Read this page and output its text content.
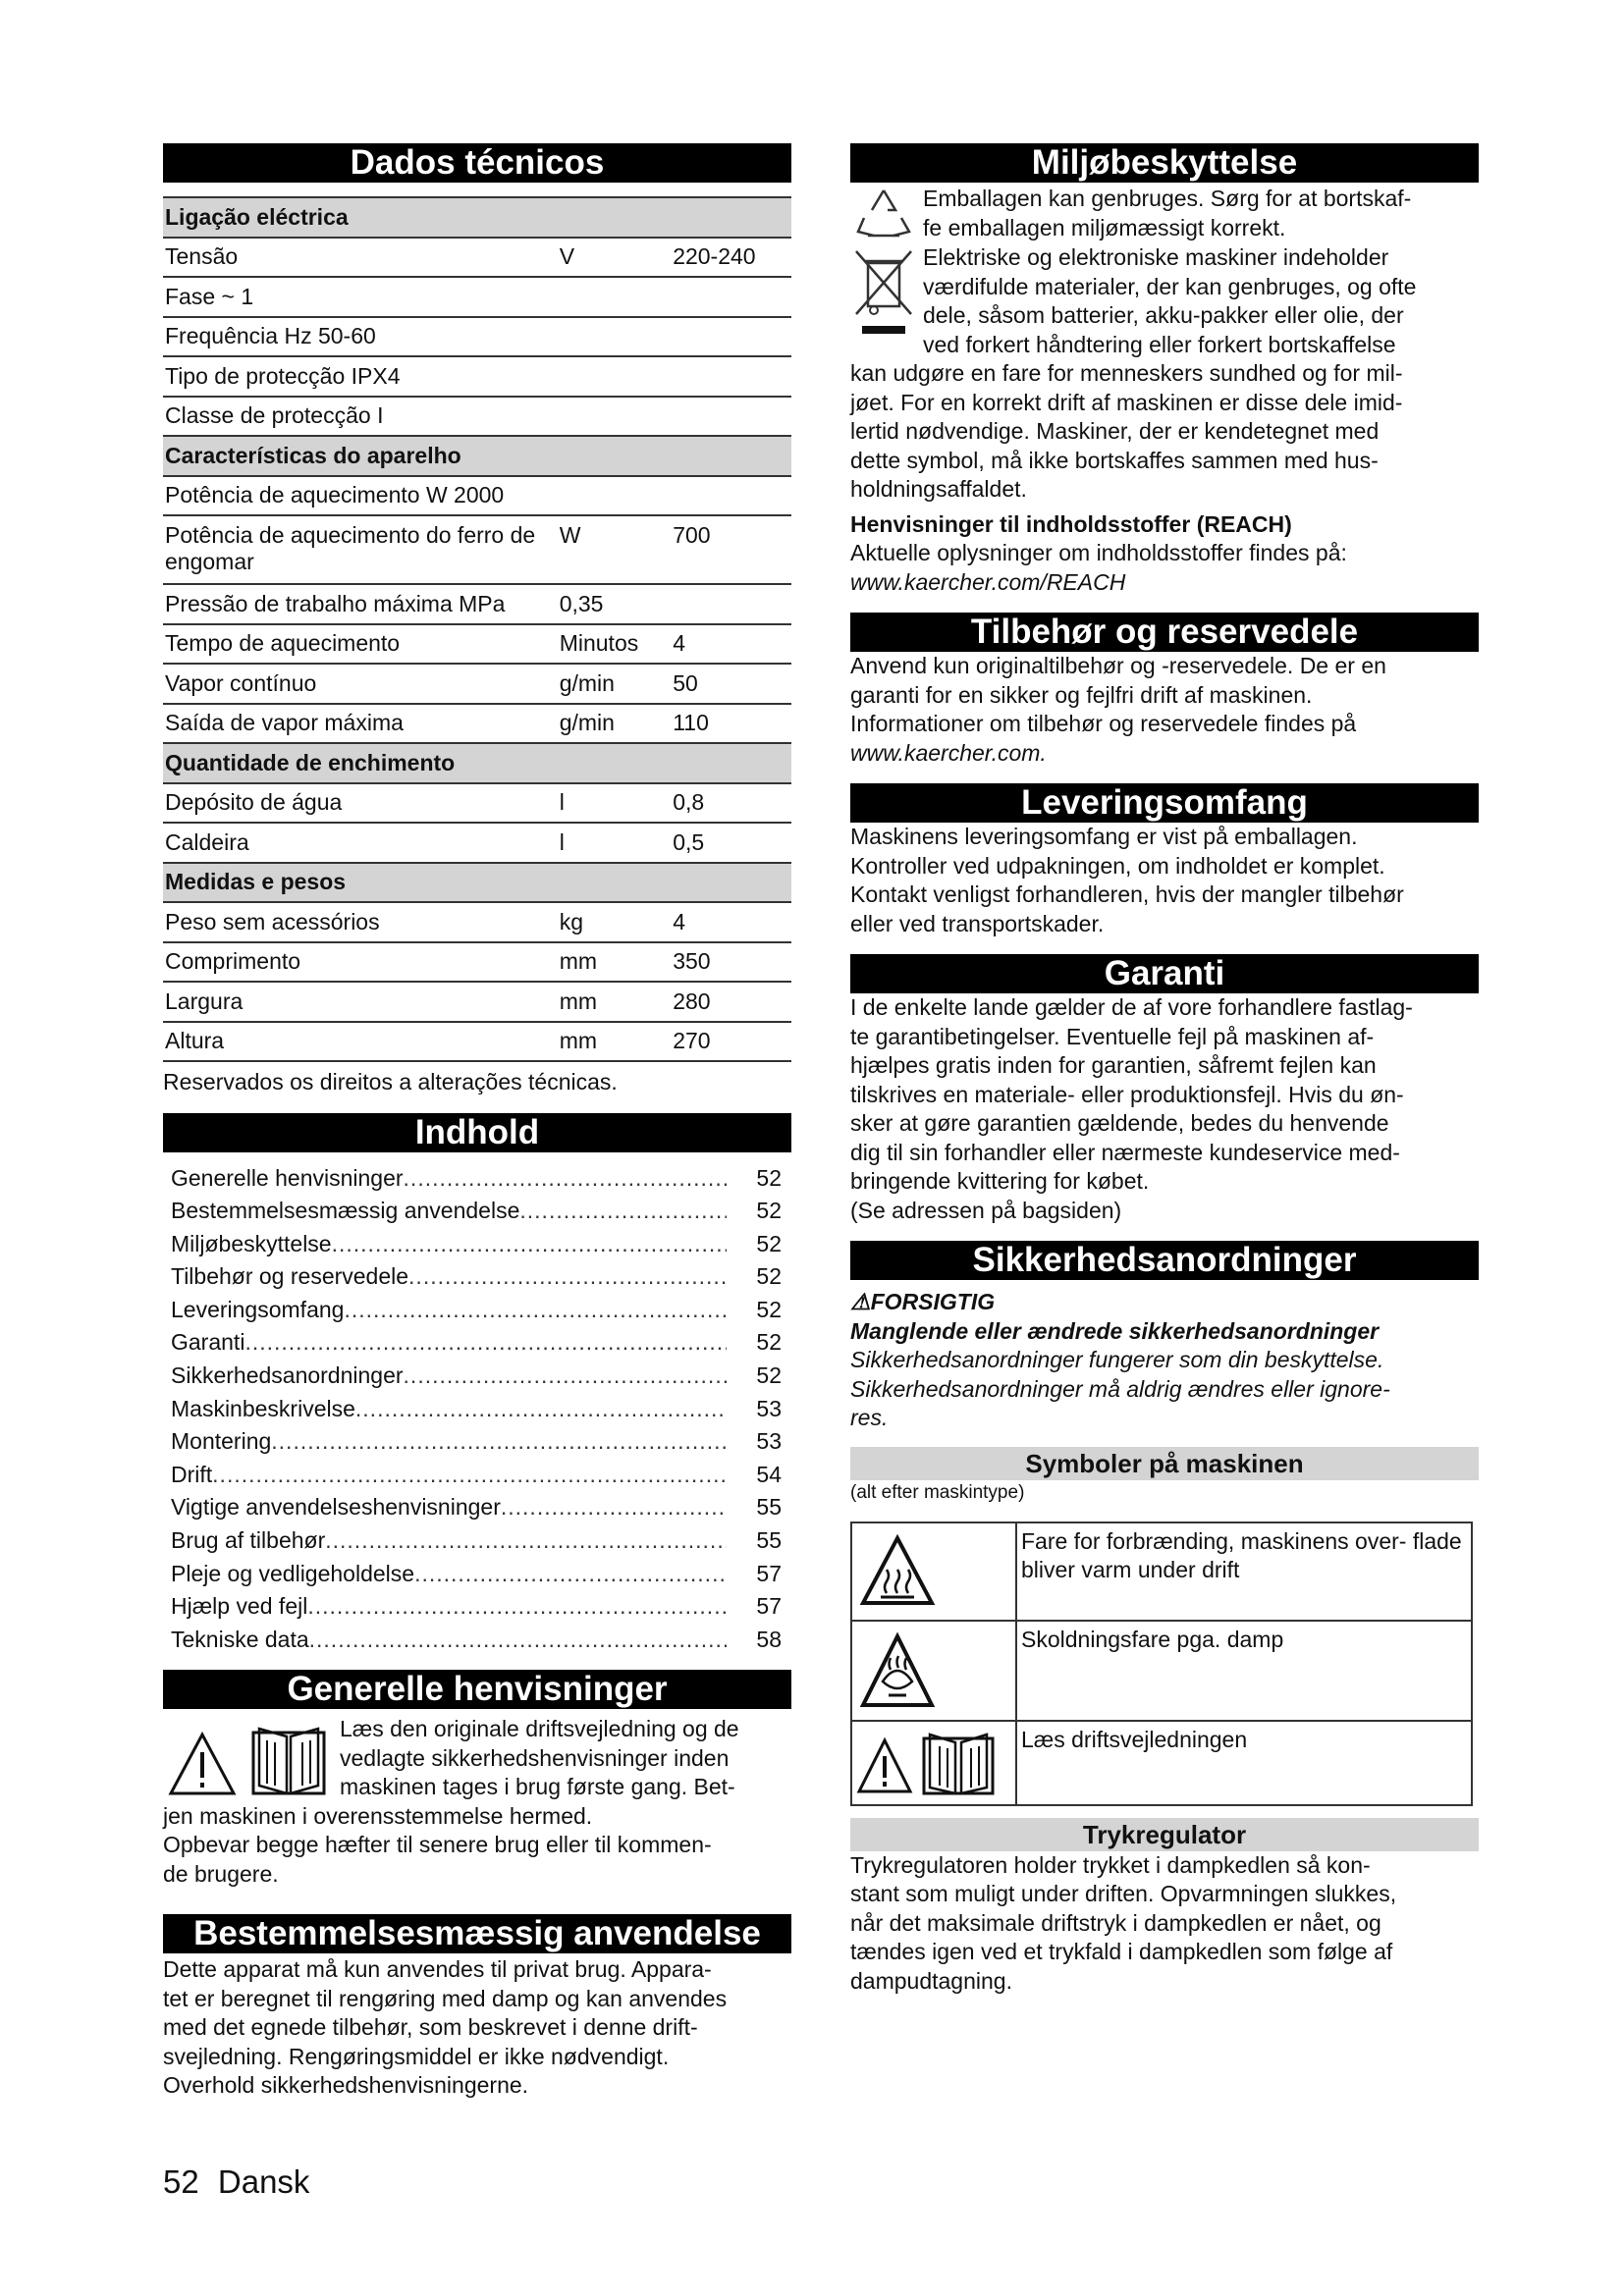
Dados técnicos
Ligação eléctrica		
Tensão	V	220-240
Fase ~ 1		
Frequência Hz 50-60		
Tipo de protecção IPX4		
Classe de protecção I		
Características do aparelho		
Potência de aquecimento W 2000		
Potência de aquecimento do ferro de engomar	W	700
Pressão de trabalho máxima MPa	0,35	
Tempo de aquecimento	Minutos	4
Vapor contínuo	g/min	50
Saída de vapor máxima	g/min	110
Quantidade de enchimento		
Depósito de água	l	0,8
Caldeira	l	0,5
Medidas e pesos		
Peso sem acessórios	kg	4
Comprimento	mm	350
Largura	mm	280
Altura	mm	270
Reservados os direitos a alterações técnicas.
Indhold
Generelle henvisninger .....	52
Bestemmelsesmæssig anvendelse .....	52
Miljøbeskyttelse .....	52
Tilbehør og reservedele .....	52
Leveringsomfang .....	52
Garanti .....	52
Sikkerhedsanordninger .....	52
Maskinbeskrivelse .....	53
Montering .....	53
Drift .....	54
Vigtige anvendelseshenvisninger .....	55
Brug af tilbehør .....	55
Pleje og vedligeholdelse .....	57
Hjælp ved fejl .....	57
Tekniske data .....	58
Generelle henvisninger
Læs den originale driftsvejledning og de
vedlagte sikkerhedshenvisninger inden
maskinen tages i brug første gang. Bet-
jen maskinen i overensstemmelse hermed.
Opbevar begge hæfter til senere brug eller til kommen-
de brugere.
Bestemmelsesmæssig anvendelse
Dette apparat må kun anvendes til privat brug. Appara-
tet er beregnet til rengøring med damp og kan anvendes
med det egnede tilbehør, som beskrevet i denne drift-
svejledning. Rengøringsmiddel er ikke nødvendigt.
Overhold sikkerhedshenvisningerne.
Miljøbeskyttelse
Emballagen kan genbruges. Sørg for at bortskaf-
fe emballagen miljømæssigt korrekt.
Elektriske og elektroniske maskiner indeholder
værdifulde materialer, der kan genbruges, og ofte
dele, såsom batterier, akku-pakker eller olie, der
ved forkert håndtering eller forkert bortskaffelse
kan udgøre en fare for menneskers sundhed og for mil-
jøet. For en korrekt drift af maskinen er disse dele imid-
lertid nødvendige. Maskiner, der er kendetegnet med
dette symbol, må ikke bortskaffes sammen med hus-
holdningsaffaldet.
Henvisninger til indholdsstoffer (REACH)
Aktuelle oplysninger om indholdsstoffer findes på:
www.kaercher.com/REACH
Tilbehør og reservedele
Anvend kun originaltilbehør og -reservedele. De er en
garanti for en sikker og fejlfri drift af maskinen.
Informationer om tilbehør og reservedele findes på
www.kaercher.com.
Leveringsomfang
Maskinens leveringsomfang er vist på emballagen.
Kontroller ved udpakningen, om indholdet er komplet.
Kontakt venligst forhandleren, hvis der mangler tilbehør
eller ved transportskader.
Garanti
I de enkelte lande gælder de af vore forhandlere fastlag-
te garantibetingelser. Eventuelle fejl på maskinen af-
hjælpes gratis inden for garantien, såfremt fejlen kan
tilskrives en materiale- eller produktionsfejl. Hvis du øn-
sker at gøre garantien gældende, bedes du henvende
dig til sin forhandler eller nærmeste kundeservice med-
bringende kvittering for købet.
(Se adressen på bagsiden)
Sikkerhedsanordninger
⚠FORSIGTIG
Manglende eller ændrede sikkerhedsanordninger
Sikkerhedsanordninger fungerer som din beskyttelse.
Sikkerhedsanordninger må aldrig ændres eller ignore-
res.
Symboler på maskinen
(alt efter maskintype)
	Fare for forbrænding, maskinens over- flade bliver varm under drift
	Skoldningsfare pga. damp
	Læs driftsvejledningen
Trykregulator
Trykregulatoren holder trykket i dampkedlen så kon-
stant som muligt under driften. Opvarmningen slukkes,
når det maksimale driftstryk i dampkedlen er nået, og
tændes igen ved et trykfald i dampkedlen som følge af
dampudtagning.
52 Dansk
